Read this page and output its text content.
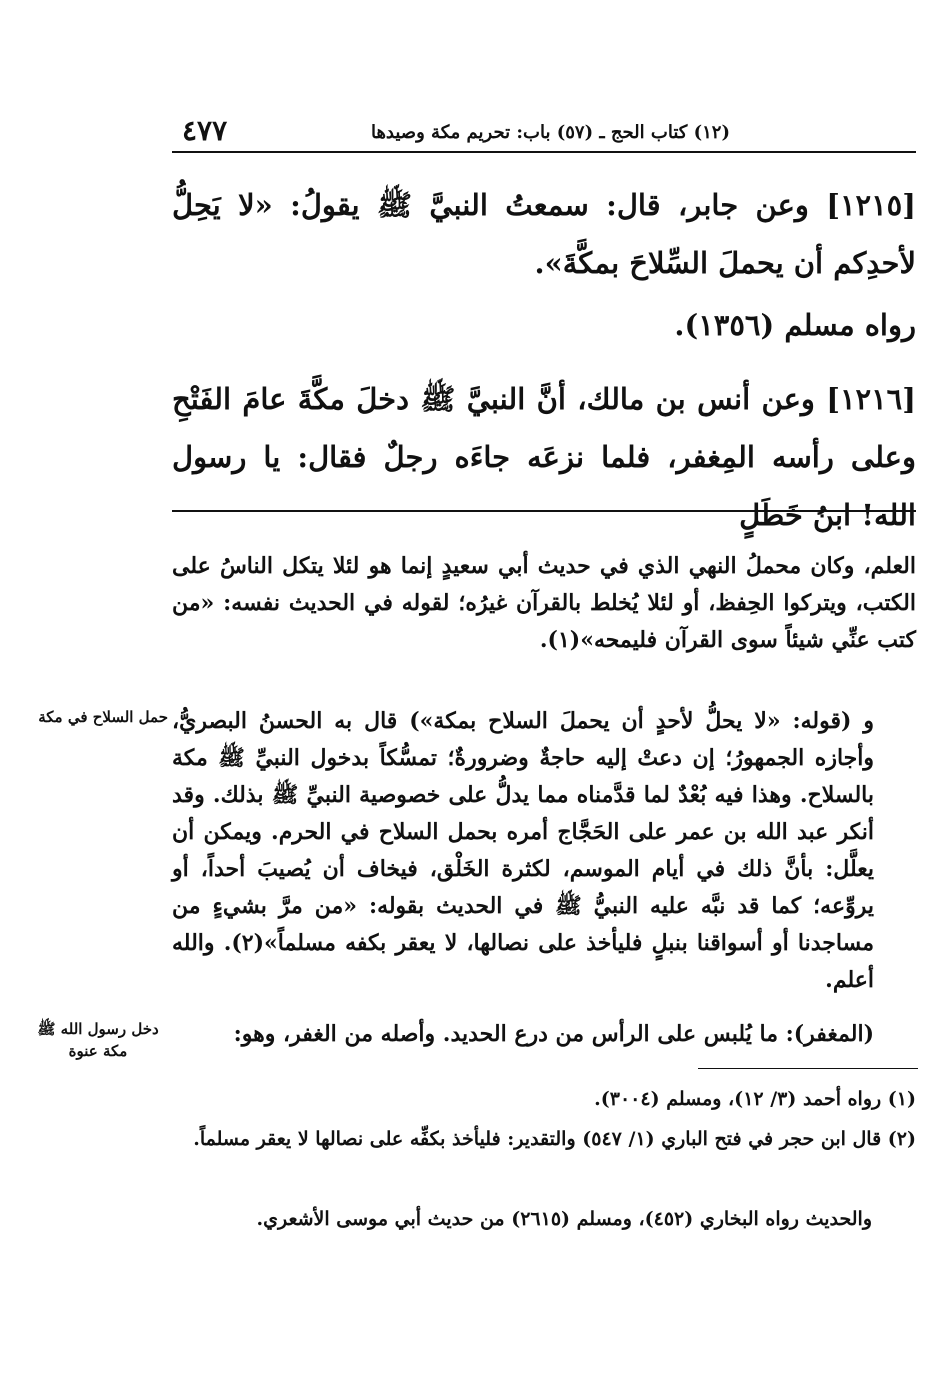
٤٧٧	(١٢) كتاب الحج ـ (٥٧) باب: تحريم مكة وصيدها
[١٢١٥] وعن جابر، قال: سمعتُ النبيَّ ﷺ يقولُ: «لا يَحِلُّ لأحدِكم أن يحملَ السِّلاحَ بمكَّةَ».
رواه مسلم (١٣٥٦).
[١٢١٦] وعن أنس بن مالك، أنَّ النبيَّ ﷺ دخلَ مكَّةَ عامَ الفَتْحِ وعلى رأسه المِغفر، فلما نزعَه جاءَه رجلٌ فقال: يا رسول الله! ابنُ خَطَلٍ
العلم، وكان محملُ النهي الذي في حديث أبي سعيدٍ إنما هو لئلا يتكل الناسُ على الكتب، ويتركوا الحِفظ، أو لئلا يُخلط بالقرآن غيرُه؛ لقوله في الحديث نفسه: «من كتب عنِّي شيئاً سوى القرآن فليمحه»(١).
حمل السلاح في مكة و (قوله: «لا يحلُّ لأحدٍ أن يحملَ السلاح بمكة») قال به الحسنُ البصريُّ، وأجازه الجمهورُ؛ إن دعتْ إليه حاجةٌ وضرورةٌ؛ تمسُّكاً بدخول النبيِّ ﷺ مكة بالسلاح. وهذا فيه بُعْدٌ لما قدَّمناه مما يدلُّ على خصوصية النبيِّ ﷺ بذلك. وقد أنكر عبد الله بن عمر على الحَجَّاج أمره بحمل السلاح في الحرم. ويمكن أن يعلَّل: بأنَّ ذلك في أيام الموسم، لكثرة الخَلْق، فيخاف أن يُصيبَ أحداً، أو يروِّعه؛ كما قد نبَّه عليه النبيُّ ﷺ في الحديث بقوله: «من مرَّ بشيءٍ من مساجدنا أو أسواقنا بنبلٍ فليأخذ على نصالها، لا يعقر بكفه مسلماً»(٢). والله أعلم.
دخل رسول الله ﷺ مكة عنوة
(المغفر): ما يُلبس على الرأس من درع الحديد. وأصله من الغفر، وهو:
(١) رواه أحمد (٣/ ١٢)، ومسلم (٣٠٠٤).
(٢) قال ابن حجر في فتح الباري (١/ ٥٤٧) والتقدير: فليأخذ بكفِّه على نصالها لا يعقر مسلماً.
والحديث رواه البخاري (٤٥٢)، ومسلم (٢٦١٥) من حديث أبي موسى الأشعري.
